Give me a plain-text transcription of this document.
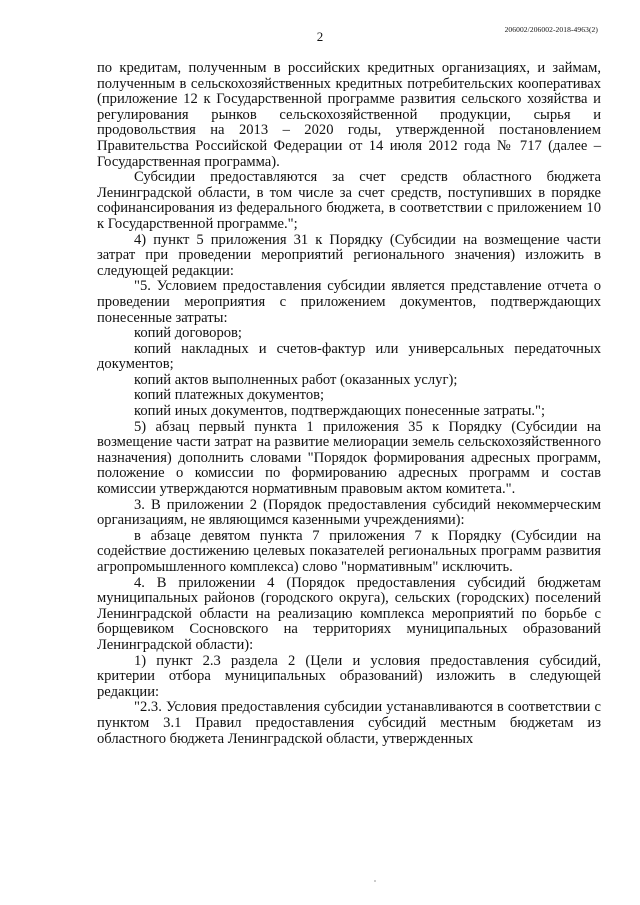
2	206002/206002-2018-4963(2)

по кредитам, полученным в российских кредитных организациях, и займам, полученным в сельскохозяйственных кредитных потребительских кооперативах (приложение 12 к Государственной программе развития сельского хозяйства и регулирования рынков сельскохозяйственной продукции, сырья и продовольствия на 2013 – 2020 годы, утвержденной постановлением Правительства Российской Федерации от 14 июля 2012 года № 717 (далее – Государственная программа).

Субсидии предоставляются за счет средств областного бюджета Ленинградской области, в том числе за счет средств, поступивших в порядке софинансирования из федерального бюджета, в соответствии с приложением 10 к Государственной программе.";

4) пункт 5 приложения 31 к Порядку (Субсидии на возмещение части затрат при проведении мероприятий регионального значения) изложить в следующей редакции:

"5. Условием предоставления субсидии является представление отчета о проведении мероприятия с приложением документов, подтверждающих понесенные затраты:

копий договоров;

копий накладных и счетов-фактур или универсальных передаточных документов;

копий актов выполненных работ (оказанных услуг);

копий платежных документов;

копий иных документов, подтверждающих понесенные затраты.";

5) абзац первый пункта 1 приложения 35 к Порядку (Субсидии на возмещение части затрат на развитие мелиорации земель сельскохозяйственного назначения) дополнить словами "Порядок формирования адресных программ, положение о комиссии по формированию адресных программ и состав комиссии утверждаются нормативным правовым актом комитета.".

3. В приложении 2 (Порядок предоставления субсидий некоммерческим организациям, не являющимся казенными учреждениями):

в абзаце девятом пункта 7 приложения 7 к Порядку (Субсидии на содействие достижению целевых показателей региональных программ развития агропромышленного комплекса) слово "нормативным" исключить.

4. В приложении 4 (Порядок предоставления субсидий бюджетам муниципальных районов (городского округа), сельских (городских) поселений Ленинградской области на реализацию комплекса мероприятий по борьбе с борщевиком Сосновского на территориях муниципальных образований Ленинградской области):

1) пункт 2.3 раздела 2 (Цели и условия предоставления субсидий, критерии отбора муниципальных образований) изложить в следующей редакции:

"2.3. Условия предоставления субсидии устанавливаются в соответствии с пунктом 3.1 Правил предоставления субсидий местным бюджетам из областного бюджета Ленинградской области, утвержденных
